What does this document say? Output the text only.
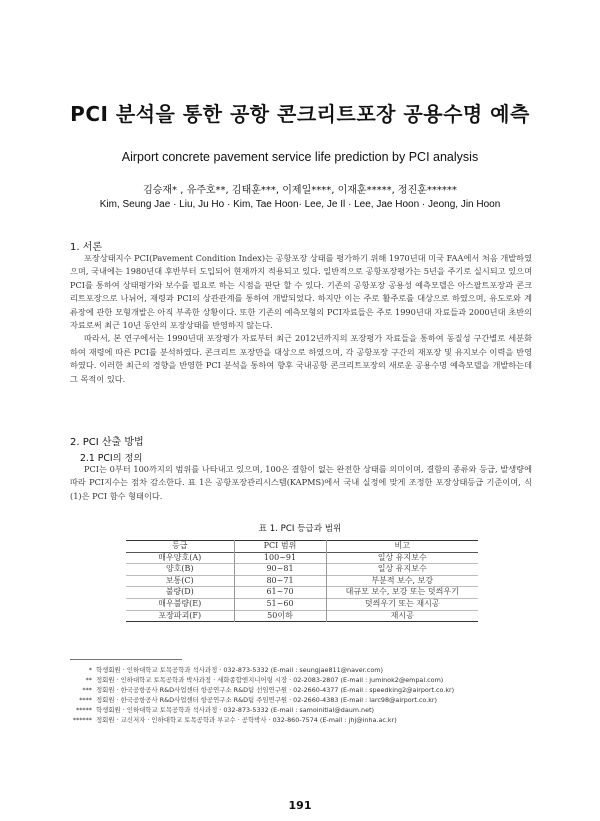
PCI 분석을 통한 공항 콘크리트포장 공용수명 예측
Airport concrete pavement service life prediction by PCI analysis
김승재* , 유주호**, 김태훈***, 이제일****, 이재훈*****, 정진훈******
Kim, Seung Jae · Liu, Ju Ho · Kim, Tae Hoon· Lee, Je Il · Lee, Jae Hoon · Jeong, Jin Hoon
1. 서론

포장상태지수 PCI(Pavement Condition Index)는 공항포장 상태를 평가하기 위해 1970년대 미국 FAA에서 처음 개발하였으며, 국내에는 1980년대 후반부터 도입되어 현재까지 적용되고 있다. 일반적으로 공항포장평가는 5년을 주기로 실시되고 있으며 PCI를 통하여 상태평가와 보수를 필요로 하는 시점을 판단 할 수 있다. 기존의 공항포장 공용성 예측모델은 아스팔트포장과 콘크리트포장으로 나뉘어, 재령과 PCI의 상관관계를 통하여 개발되었다. 하지만 이는 주로 활주로를 대상으로 하였으며, 유도로와 계류장에 관한 모형개발은 아직 부족한 상황이다. 또한 기존의 예측모형의 PCI자료들은 주로 1990년대 자료들과 2000년대 초반의 자료로써 최근 10년 동안의 포장상태를 반영하지 않는다.

따라서, 본 연구에서는 1990년대 포장평가 자료부터 최근 2012년까지의 포장평가 자료들을 통하여 동질성 구간별로 세분화하여 재령에 따른 PCI를 분석하였다. 콘크리트 포장만을 대상으로 하였으며, 각 공항포장 구간의 재포장 및 유지보수 이력을 반영하였다. 이러한 최근의 경향을 반영한 PCI 분석을 통하여 향후 국내공항 콘크리트포장의 새로운 공용수명 예측모델을 개발하는데 그 목적이 있다.

2. PCI 산출 방법
2.1 PCI의 정의

PCI는 0부터 100까지의 범위를 나타내고 있으며, 100은 결함이 없는 완전한 상태를 의미이며, 결함의 종류와 등급, 발생량에 따라 PCI지수는 점차 감소한다. 표 1은 공항포장관리시스템(KAPMS)에서 국내 실정에 맞게 조정한 포장상태등급 기준이며, 식 (1)은 PCI 함수 형태이다.

표 1. PCI 등급과 범위
등급	PCI 범위	비고
매우양호(A)	100~91	일상 유지보수
양호(B)	90~81	일상 유지보수
보통(C)	80~71	부분적 보수, 보강
불량(D)	61~70	대규모 보수, 보강 또는 덧씌우기
매우불량(E)	51~60	덧씌우기 또는 재시공
포장파괴(F)	50이하	재시공
* 학생회원 · 인하대학교 토목공학과 석사과정 · 032-873-5332 (E-mail : seungjae811@naver.com)
** 정회원 · 인하대학교 토목공학과 박사과정 · 세화종합엔지니어링 시장 · 02-2083-2807 (E-mail : juminok2@empal.com)
*** 정회원 · 한국공항공사 R&D사업센터 항공연구소 R&D팀 선임연구원 · 02-2660-4377 (E-mail : speedking2@airport.co.kr)
**** 정회원 · 한국공항공사 R&D사업센터 항공연구소 R&D팀 주임연구원 · 02-2660-4383 (E-mail : larc98@airport.co.kr)
***** 학생회원 · 인하대학교 토목공학과 석사과정 · 032-873-5332 (E-mail : samoinitial@daum.net)
****** 정회원 · 교신저자 · 인하대학교 토목공학과 부교수 · 공학박사 · 032-860-7574 (E-mail : jhj@inha.ac.kr)
191
